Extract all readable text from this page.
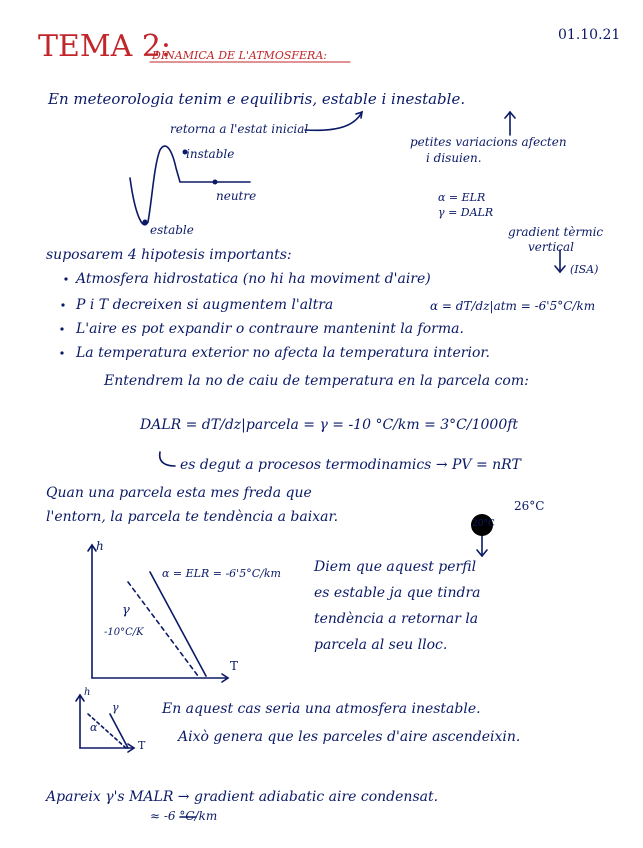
01.10.21
TEMA 2:
DINAMICA DE L'ATMOSFERA:
En meteorologia tenim e equilibris, estable i inestable.
retorna a l'estat inicial
instable
neutre
estable
petites variacions afecten
i disuien.
α = ELR
γ = DALR
gradient tèrmic
vertical
(ISA)
suposarem 4 hipotesis importants:
Atmosfera hidrostatica (no hi ha moviment d'aire)
P i T decreixen si augmentem l'altra	α = dT/dz|atm = -6'5°C/km
L'aire es pot expandir o contraure mantenint la forma.
La temperatura exterior no afecta la temperatura interior.
Entendrem la no de caiu de temperatura en la parcela com:
DALR = dT/dz|parcela = γ = -10 °C/km = 3°C/1000ft
es degut a procesos termodinamics → PV = nRT
Quan una parcela esta mes freda que
l'entorn, la parcela te tendència a baixar.
26°C
20°C
h
T
α = ELR = -6'5°C/km
γ
-10°C/K
Diem que aquest perfil
es estable ja que tindra
tendència a retornar la
parcela al seu lloc.
h
T
γ
α
En aquest cas seria una atmosfera inestable.
Això genera que les parceles d'aire ascendeixin.
Apareix γ's MALR → gradient adiabatic aire condensat.
≈ -6 °C/km
